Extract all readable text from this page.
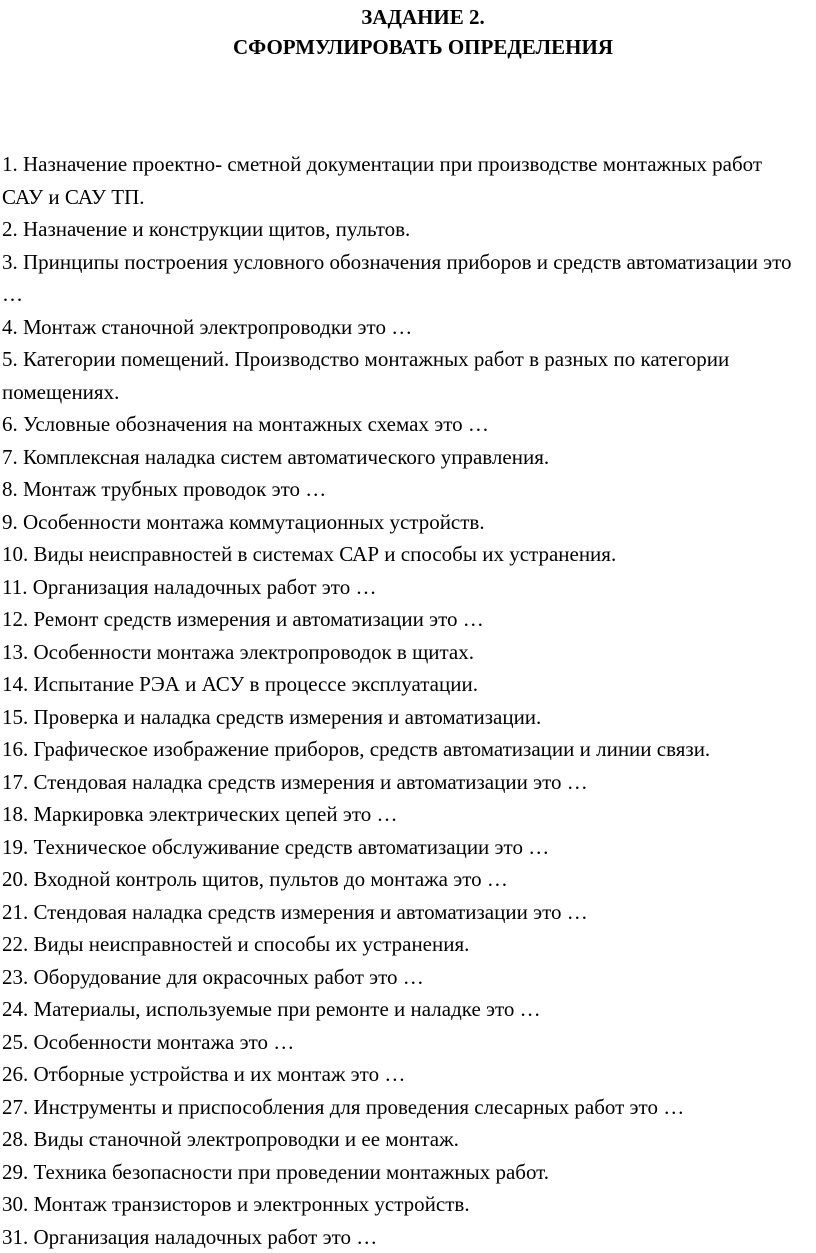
ЗАДАНИЕ 2.
СФОРМУЛИРОВАТЬ ОПРЕДЕЛЕНИЯ
1. Назначение проектно- сметной документации при производстве монтажных работ САУ и САУ ТП.
2. Назначение и конструкции щитов, пультов.
3. Принципы построения условного обозначения приборов и средств автоматизации это …
4. Монтаж станочной электропроводки это …
5. Категории помещений. Производство монтажных работ в разных по категории помещениях.
6. Условные обозначения на монтажных схемах это …
7. Комплексная наладка систем автоматического управления.
8. Монтаж трубных проводок это …
9. Особенности монтажа коммутационных устройств.
10. Виды неисправностей в системах САР и способы их устранения.
11. Организация наладочных работ это …
12. Ремонт средств измерения и автоматизации это …
13. Особенности монтажа электропроводок в щитах.
14. Испытание РЭА и АСУ в процессе эксплуатации.
15. Проверка и наладка средств измерения и автоматизации.
16. Графическое изображение приборов, средств автоматизации и линии связи.
17. Стендовая наладка средств измерения и автоматизации это …
18. Маркировка электрических цепей это …
19. Техническое обслуживание средств автоматизации это …
20. Входной контроль щитов, пультов до монтажа это …
21. Стендовая наладка средств измерения и автоматизации это …
22. Виды неисправностей и способы их устранения.
23. Оборудование для окрасочных работ это …
24. Материалы, используемые при ремонте и наладке это …
25. Особенности монтажа это …
26. Отборные устройства и их монтаж это …
27. Инструменты и приспособления для проведения слесарных работ это …
28. Виды станочной электропроводки и ее монтаж.
29. Техника безопасности при проведении монтажных работ.
30. Монтаж транзисторов и электронных устройств.
31. Организация наладочных работ это …
